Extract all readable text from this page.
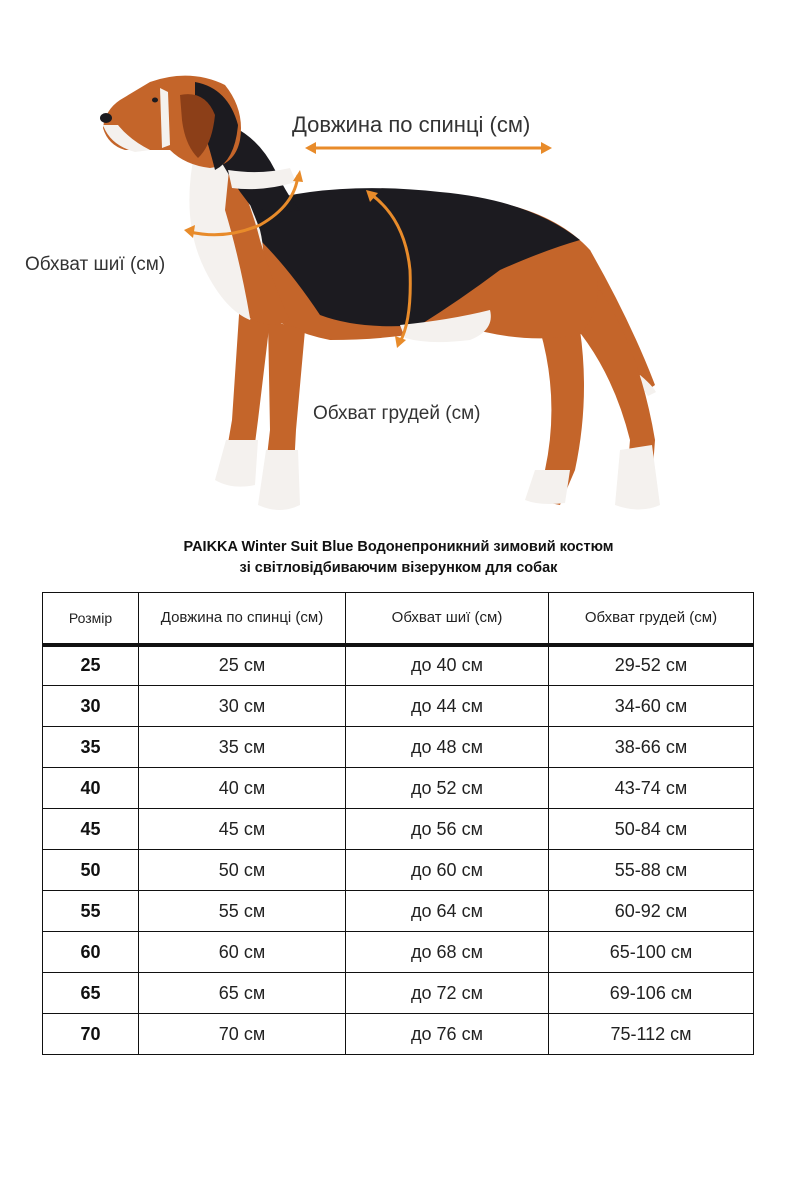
Довжина по спинці (см)
Обхват шиї (см)
Обхват грудей (см)
PAIKKA Winter Suit Blue Водонепроникний зимовий костюм
зі світловідбиваючим візерунком для собак
Розмір	Довжина по спинці (см)	Обхват шиї (см)	Обхват грудей (см)
25	25 см	до 40 см	29-52 см
30	30 см	до 44 см	34-60 см
35	35 см	до 48 см	38-66 см
40	40 см	до 52 см	43-74 см
45	45 см	до 56 см	50-84 см
50	50 см	до 60 см	55-88 см
55	55 см	до 64 см	60-92 см
60	60 см	до 68 см	65-100 см
65	65 см	до 72 см	69-106 см
70	70 см	до 76 см	75-112 см
